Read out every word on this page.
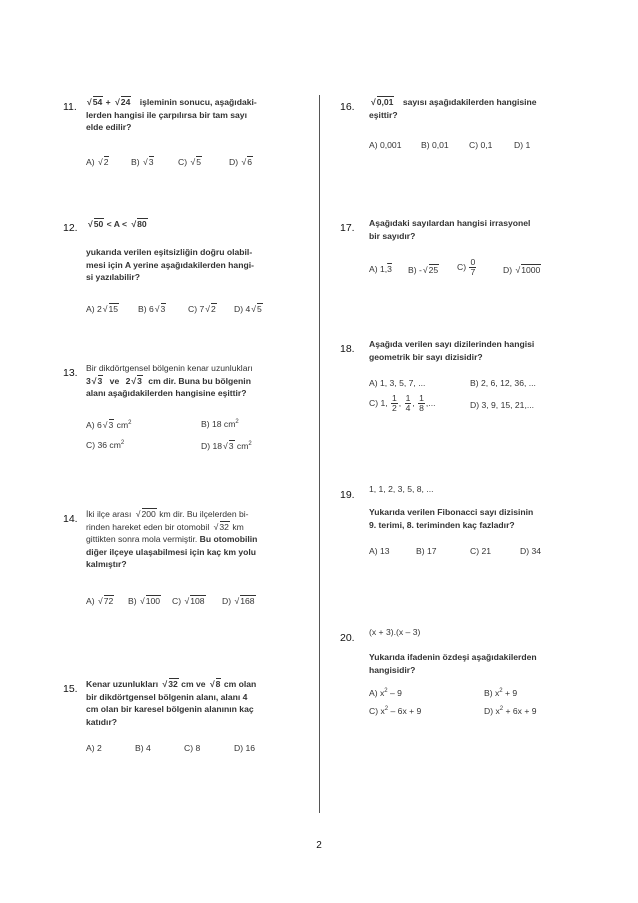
11.	√ 54 + √ 24 işleminin sonucu, aşağıdaki-
lerden hangisi ile çarpılırsa bir tam sayı
elde edilir?
A) √ 2	B) √ 3	C) √ 5	D) √ 6
12.	√ 50 < A < √ 80
yukarıda verilen eşitsizliğin doğru olabil-
mesi için A yerine aşağıdakilerden hangi-
si yazılabilir?
A) 2 √ 15 B) 6 √ 3	C) 7 √ 2 D) 4 √ 5
13. Bir dikdörtgensel bölgenin kenar uzunlukları
3 √ 3 ve 2 √ 3 cm dir. Buna bu bölgenin
alanı aşağıdakilerden hangisine eşittir?
A) 6 √ 3 $cm^2$	B) 18 $cm^2$
C) 36 $cm^2$	D) 18 √ 3 $cm^2$
14. İki ilçe arası √ 200 km dir. Bu ilçelerden bi-
rinden hareket eden bir otomobil √ 32 km
gittikten sonra mola vermiştir. Bu otomobilin
diğer ilçeye ulaşabilmesi için kaç km yolu
kalmıştır?
A) √ 72 B) √ 100 C) √ 108 D) √ 168
15. Kenar uzunlukları √ 32 cm ve √ 8 cm olan
bir dikdörtgensel bölgenin alanı, alanı 4
cm olan bir karesel bölgenin alanının kaç
katıdır?
A) 2	B) 4	C) 8	D) 16
16.	√ 0,01 sayısı aşağıdakilerden hangisine
eşittir?
A) 0,001 B) 0,01 C) 0,1	D) 1
17. Aşağıdaki sayılardan hangisi irrasyonel
bir sayıdır?
A) 1,3 B) - √ 25 $C) \frac{0}{7}$	D) √ 1000
18. Aşağıda verilen sayı dizilerinden hangisi
geometrik bir sayı dizisidir?
A) 1, 3, 5, 7, ...	B) 2, 6, 12, 36, ...
C) 1, $\frac{1}{2}$ , $\frac{1}{4}$ , $\frac{1}{8}$ ,...	D) 3, 9, 15, 21,...
19. 1, 1, 2, 3, 5, 8, ...
Yukarıda verilen Fibonacci sayı dizisinin
9. terimi, 8. teriminden kaç fazladır?
A) 13	B) 17	C) 21	D) 34
20. (x + 3).(x – 3)
Yukarıda ifadenin özdeşi aşağıdakilerden
hangisidir?
A) $x^2 - 9$	B) $x^2 + 9$
C) $x^2 - 6x + 9$	D) $x^2 + 6x + 9$
2
